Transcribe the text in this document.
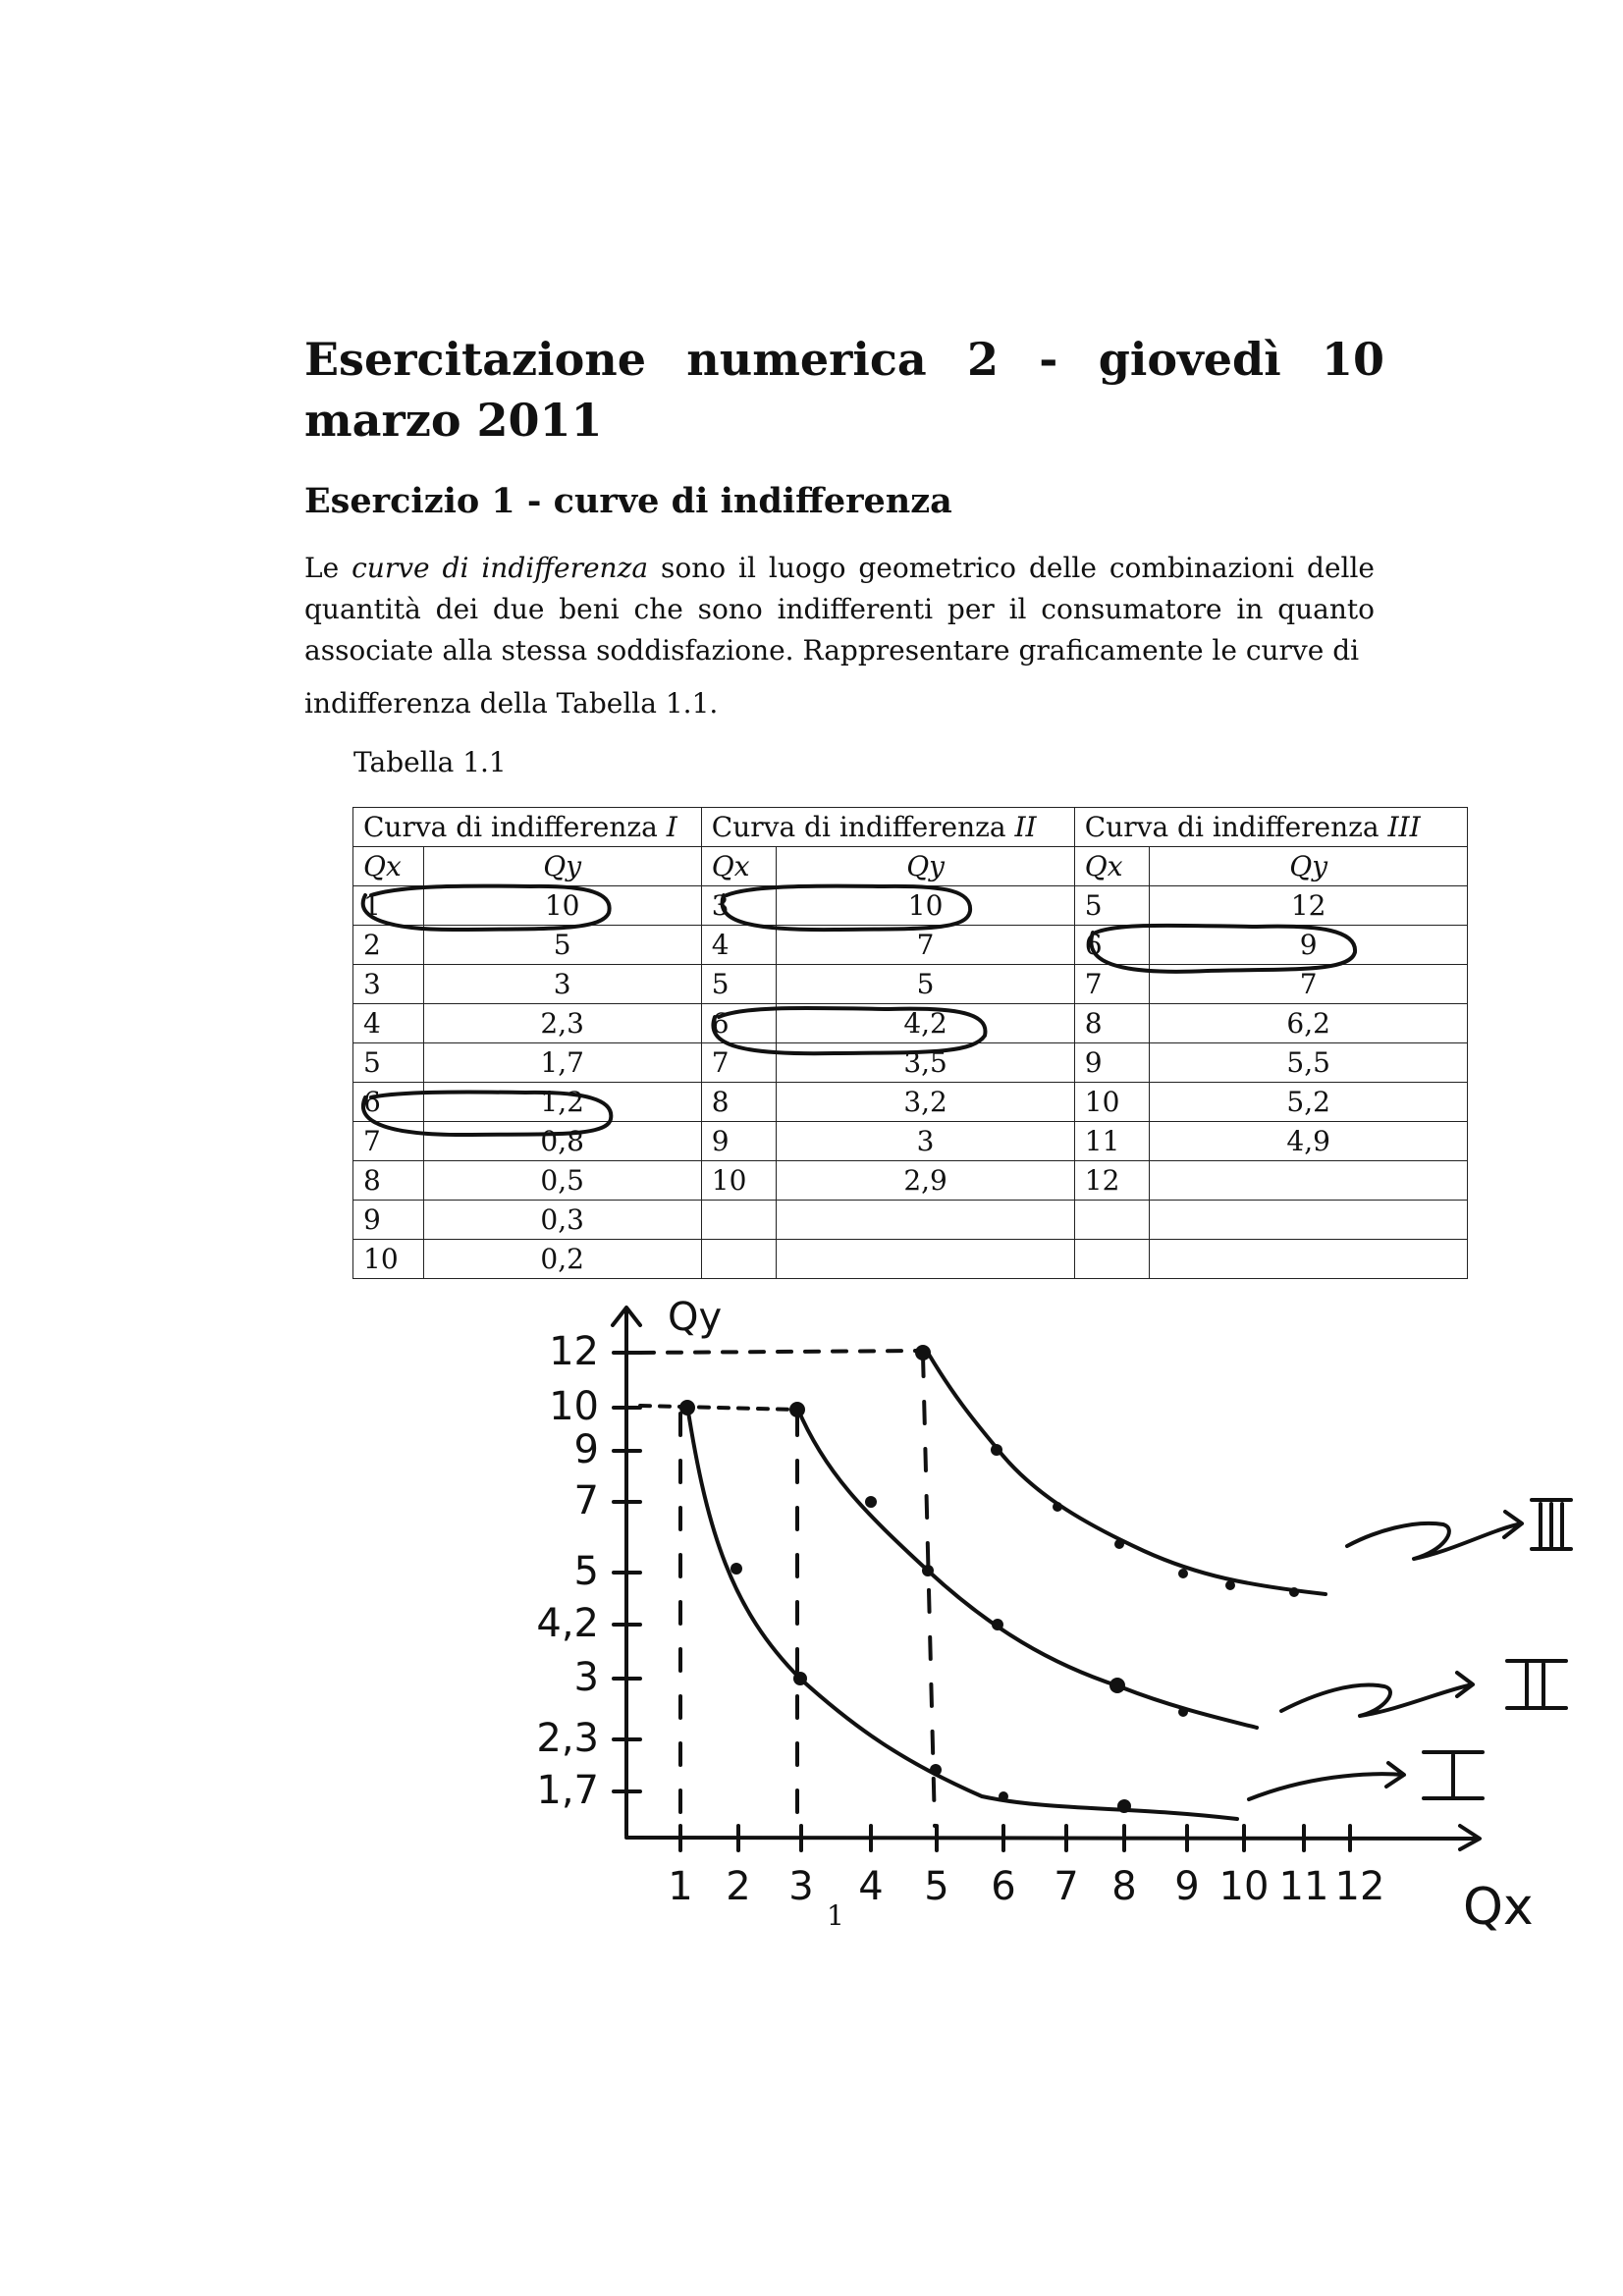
Esercitazione numerica 2 - giovedì 10 marzo 2011
Esercizio 1 - curve di indifferenza

Le curve di indifferenza sono il luogo geometrico delle combinazioni delle quantità dei due beni che sono indifferenti per il consumatore in quanto associate alla stessa soddisfazione. Rappresentare graficamente le curve di

indifferenza della Tabella 1.1.

Tabella 1.1
Curva di indifferenza I		Curva di indifferenza II		Curva di indifferenza III	
Qx	Qy	Qx	Qy	Qx	Qy
1	10	3	10	5	12
2	5	4	7	6	9
3	3	5	5	7	7
4	2,3	6	4,2	8	6,2
5	1,7	7	3,5	9	5,5
6	1,2	8	3,2	10	5,2
7	0,8	9	3	11	4,9
8	0,5	10	2,9	12	
9	0,3				
10	0,2				
Qy
Qx
12
10
9
7
5
4,2
3
2,3
1,7
1 2 3 4 5 6 7 8 9 10 11 12
1
